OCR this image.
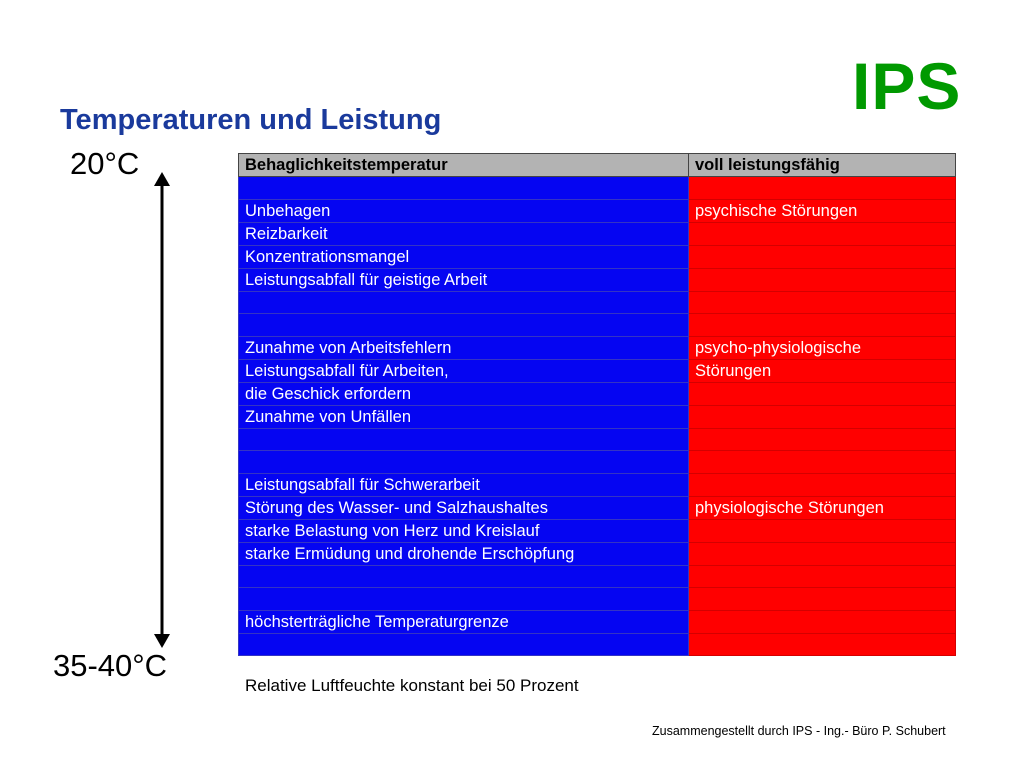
IPS
Temperaturen und Leistung
20°C
35-40°C
Behaglichkeitstemperatur	voll leistungsfähig

Unbehagen	psychische Störungen
Reizbarkeit	
Konzentrationsmangel	
Leistungsabfall für geistige Arbeit	

Zunahme von Arbeitsfehlern	psycho-physiologische
Leistungsabfall für Arbeiten,	Störungen
die Geschick erfordern	
Zunahme von Unfällen	

Leistungsabfall für Schwerarbeit	
Störung des Wasser- und Salzhaushaltes	physiologische Störungen
starke Belastung von Herz und Kreislauf	
starke Ermüdung und drohende Erschöpfung	

höchsterträgliche Temperaturgrenze	

Relative Luftfeuchte konstant bei 50 Prozent
Zusammengestellt durch IPS - Ing.- Büro P. Schubert
